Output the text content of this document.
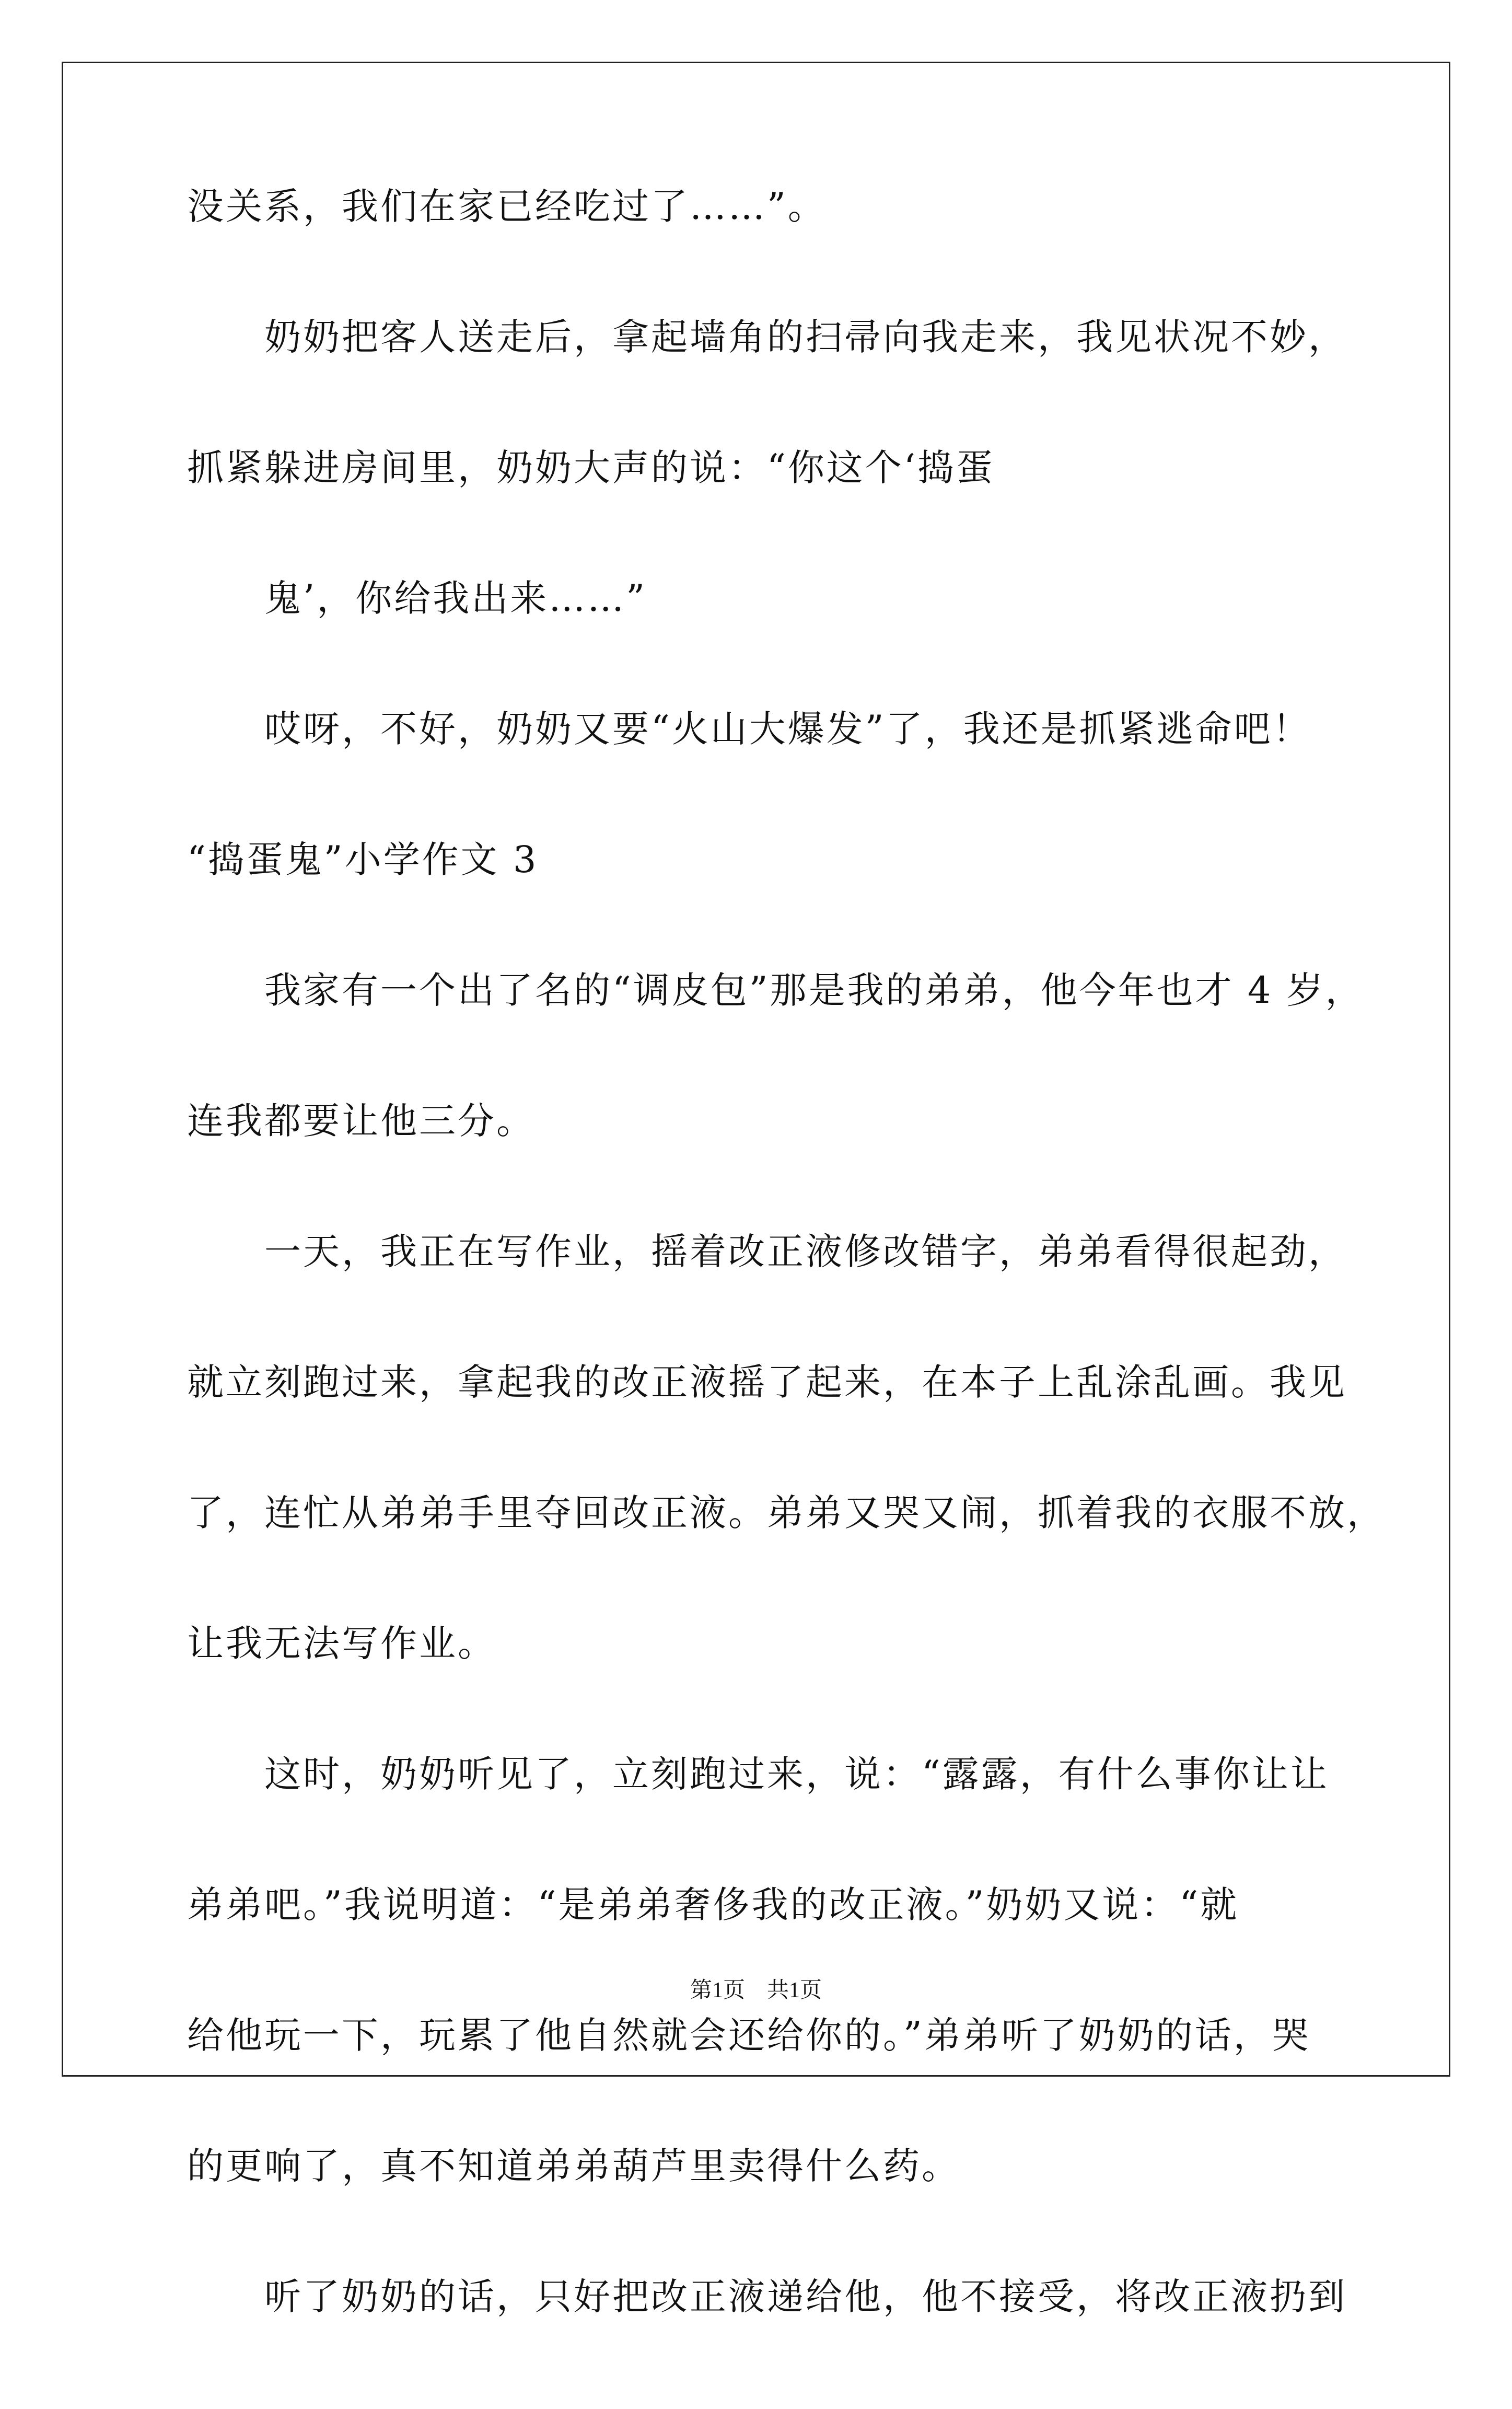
没关系，我们在家已经吃过了……”。
奶奶把客人送走后，拿起墙角的扫帚向我走来，我见状况不妙，
抓紧躲进房间里，奶奶大声的说：“你这个‘捣蛋
鬼’，你给我出来……”
哎呀，不好，奶奶又要“火山大爆发”了，我还是抓紧逃命吧！
“捣蛋鬼”小学作文 3
我家有一个出了名的“调皮包”那是我的弟弟，他今年也才 4 岁，
连我都要让他三分。
一天，我正在写作业，摇着改正液修改错字，弟弟看得很起劲，
就立刻跑过来，拿起我的改正液摇了起来，在本子上乱涂乱画。我见
了，连忙从弟弟手里夺回改正液。弟弟又哭又闹，抓着我的衣服不放，
让我无法写作业。
这时，奶奶听见了，立刻跑过来，说：“露露，有什么事你让让
弟弟吧。”我说明道：“是弟弟奢侈我的改正液。”奶奶又说：“就
给他玩一下，玩累了他自然就会还给你的。”弟弟听了奶奶的话，哭
的更响了，真不知道弟弟葫芦里卖得什么药。
听了奶奶的话，只好把改正液递给他，他不接受，将改正液扔到
第1页　共1页
